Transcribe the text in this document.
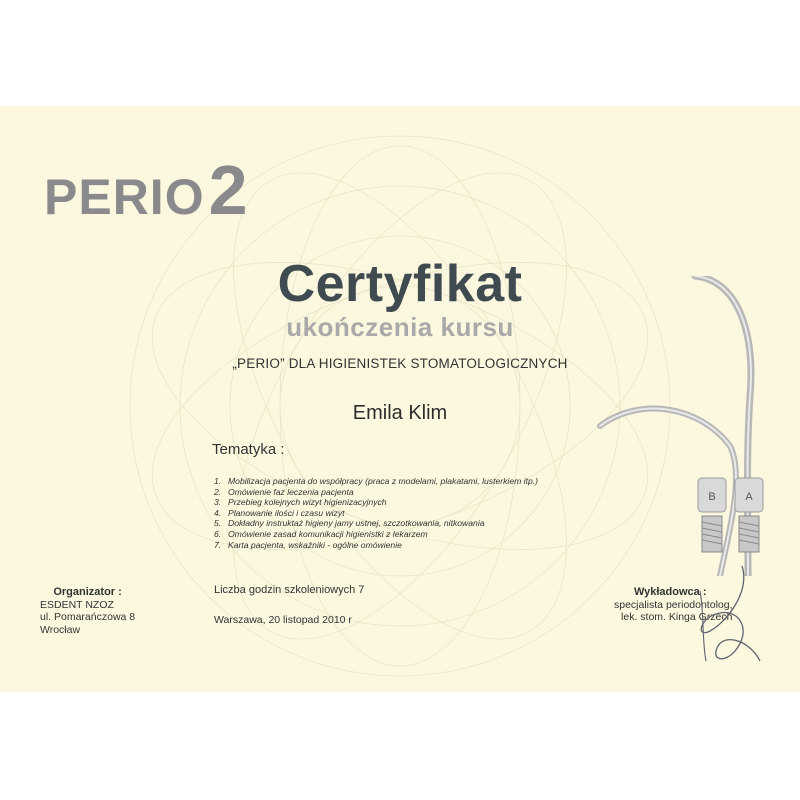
PERIO2
Certyfikat
ukończenia kursu
„PERIO” DLA HIGIENISTEK STOMATOLOGICZNYCH
Emila Klim
Tematyka :
1. Mobilizacja pacjenta do współpracy (praca z modelami, plakatami, lusterkiem itp.)
2. Omówienie faz leczenia pacjenta
3. Przebieg kolejnych wizyt higienizacyjnych
4. Planowanie ilości i czasu wizyt
5. Dokładny instruktaż higieny jamy ustnej, szczotkowania, nitkowania
6. Omówienie zasad komunikacji higienistki z lekarzem
7. Karta pacjenta, wskaźniki - ogólne omówienie
Organizator :
ESDENT NZOZ
ul. Pomarańczowa 8
Wrocław
Liczba godzin szkoleniowych 7
Warszawa, 20 listopad 2010 r
B	A
Wykładowca :
specjalista periodontolog,
lek. stom. Kinga Grzech
